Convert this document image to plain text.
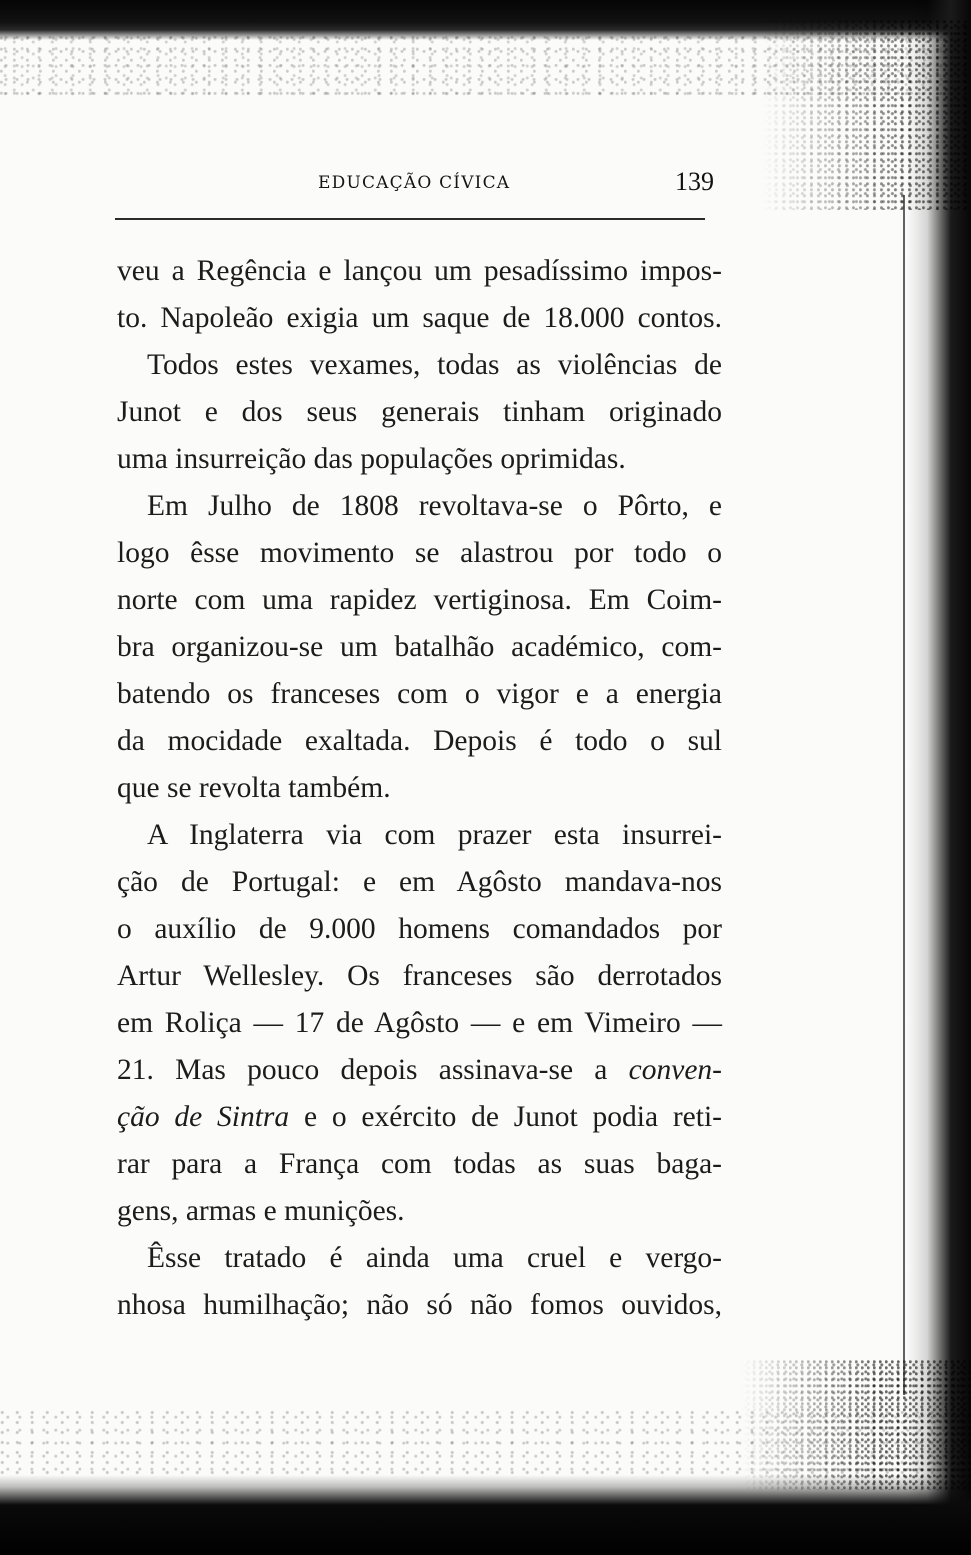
EDUCAÇÃO CÍVICA	139
veu a Regência e lançou um pesadíssimo impos-
to. Napoleão exigia um saque de 18.000 contos.
Todos estes vexames, todas as violências de
Junot e dos seus generais tinham originado
uma insurreição das populações oprimidas.
Em Julho de 1808 revoltava-se o Pôrto, e
logo êsse movimento se alastrou por todo o
norte com uma rapidez vertiginosa. Em Coim-
bra organizou-se um batalhão académico, com-
batendo os franceses com o vigor e a energia
da mocidade exaltada. Depois é todo o sul
que se revolta também.
A Inglaterra via com prazer esta insurrei-
ção de Portugal: e em Agôsto mandava-nos
o auxílio de 9.000 homens comandados por
Artur Wellesley. Os franceses são derrotados
em Roliça — 17 de Agôsto — e em Vimeiro —
21. Mas pouco depois assinava-se a conven-
ção de Sintra e o exército de Junot podia reti-
rar para a França com todas as suas baga-
gens, armas e munições.
Êsse tratado é ainda uma cruel e vergo-
nhosa humilhação; não só não fomos ouvidos,
